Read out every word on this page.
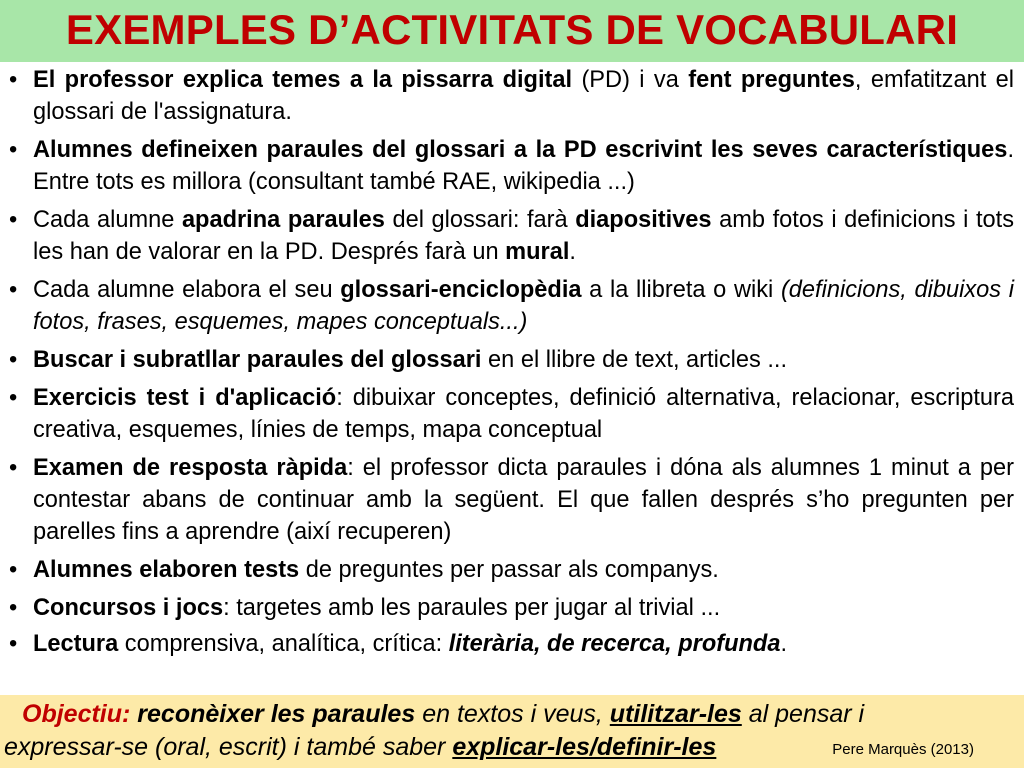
EXEMPLES D’ACTIVITATS DE VOCABULARI
• El professor explica temes a la pissarra digital (PD) i va fent preguntes, emfatitzant el glossari de l'assignatura.
• Alumnes defineixen paraules del glossari a la PD escrivint les seves característiques. Entre tots es millora (consultant també RAE, wikipedia ...)
• Cada alumne apadrina paraules del glossari: farà diapositives amb fotos i definicions i tots les han de valorar en la PD. Després farà un mural.
• Cada alumne elabora el seu glossari-enciclopèdia a la llibreta o wiki (definicions, dibuixos i fotos, frases, esquemes, mapes conceptuals...)
• Buscar i subratllar paraules del glossari en el llibre de text, articles ...
• Exercicis test i d'aplicació: dibuixar conceptes, definició alternativa, relacionar, escriptura creativa, esquemes, línies de temps, mapa conceptual
• Examen de resposta ràpida: el professor dicta paraules i dóna als alumnes 1 minut a per contestar abans de continuar amb la següent. El que fallen després s’ho pregunten per parelles fins a aprendre (així recuperen)
• Alumnes elaboren tests de preguntes per passar als companys.
• Concursos i jocs: targetes amb les paraules per jugar al trivial ...
• Lectura comprensiva, analítica, crítica: literària, de recerca, profunda.
Objectiu: reconèixer les paraules en textos i veus, utilitzar-les al pensar i
expressar-se (oral, escrit) i també saber explicar-les/definir-les	Pere Marquès (2013)
